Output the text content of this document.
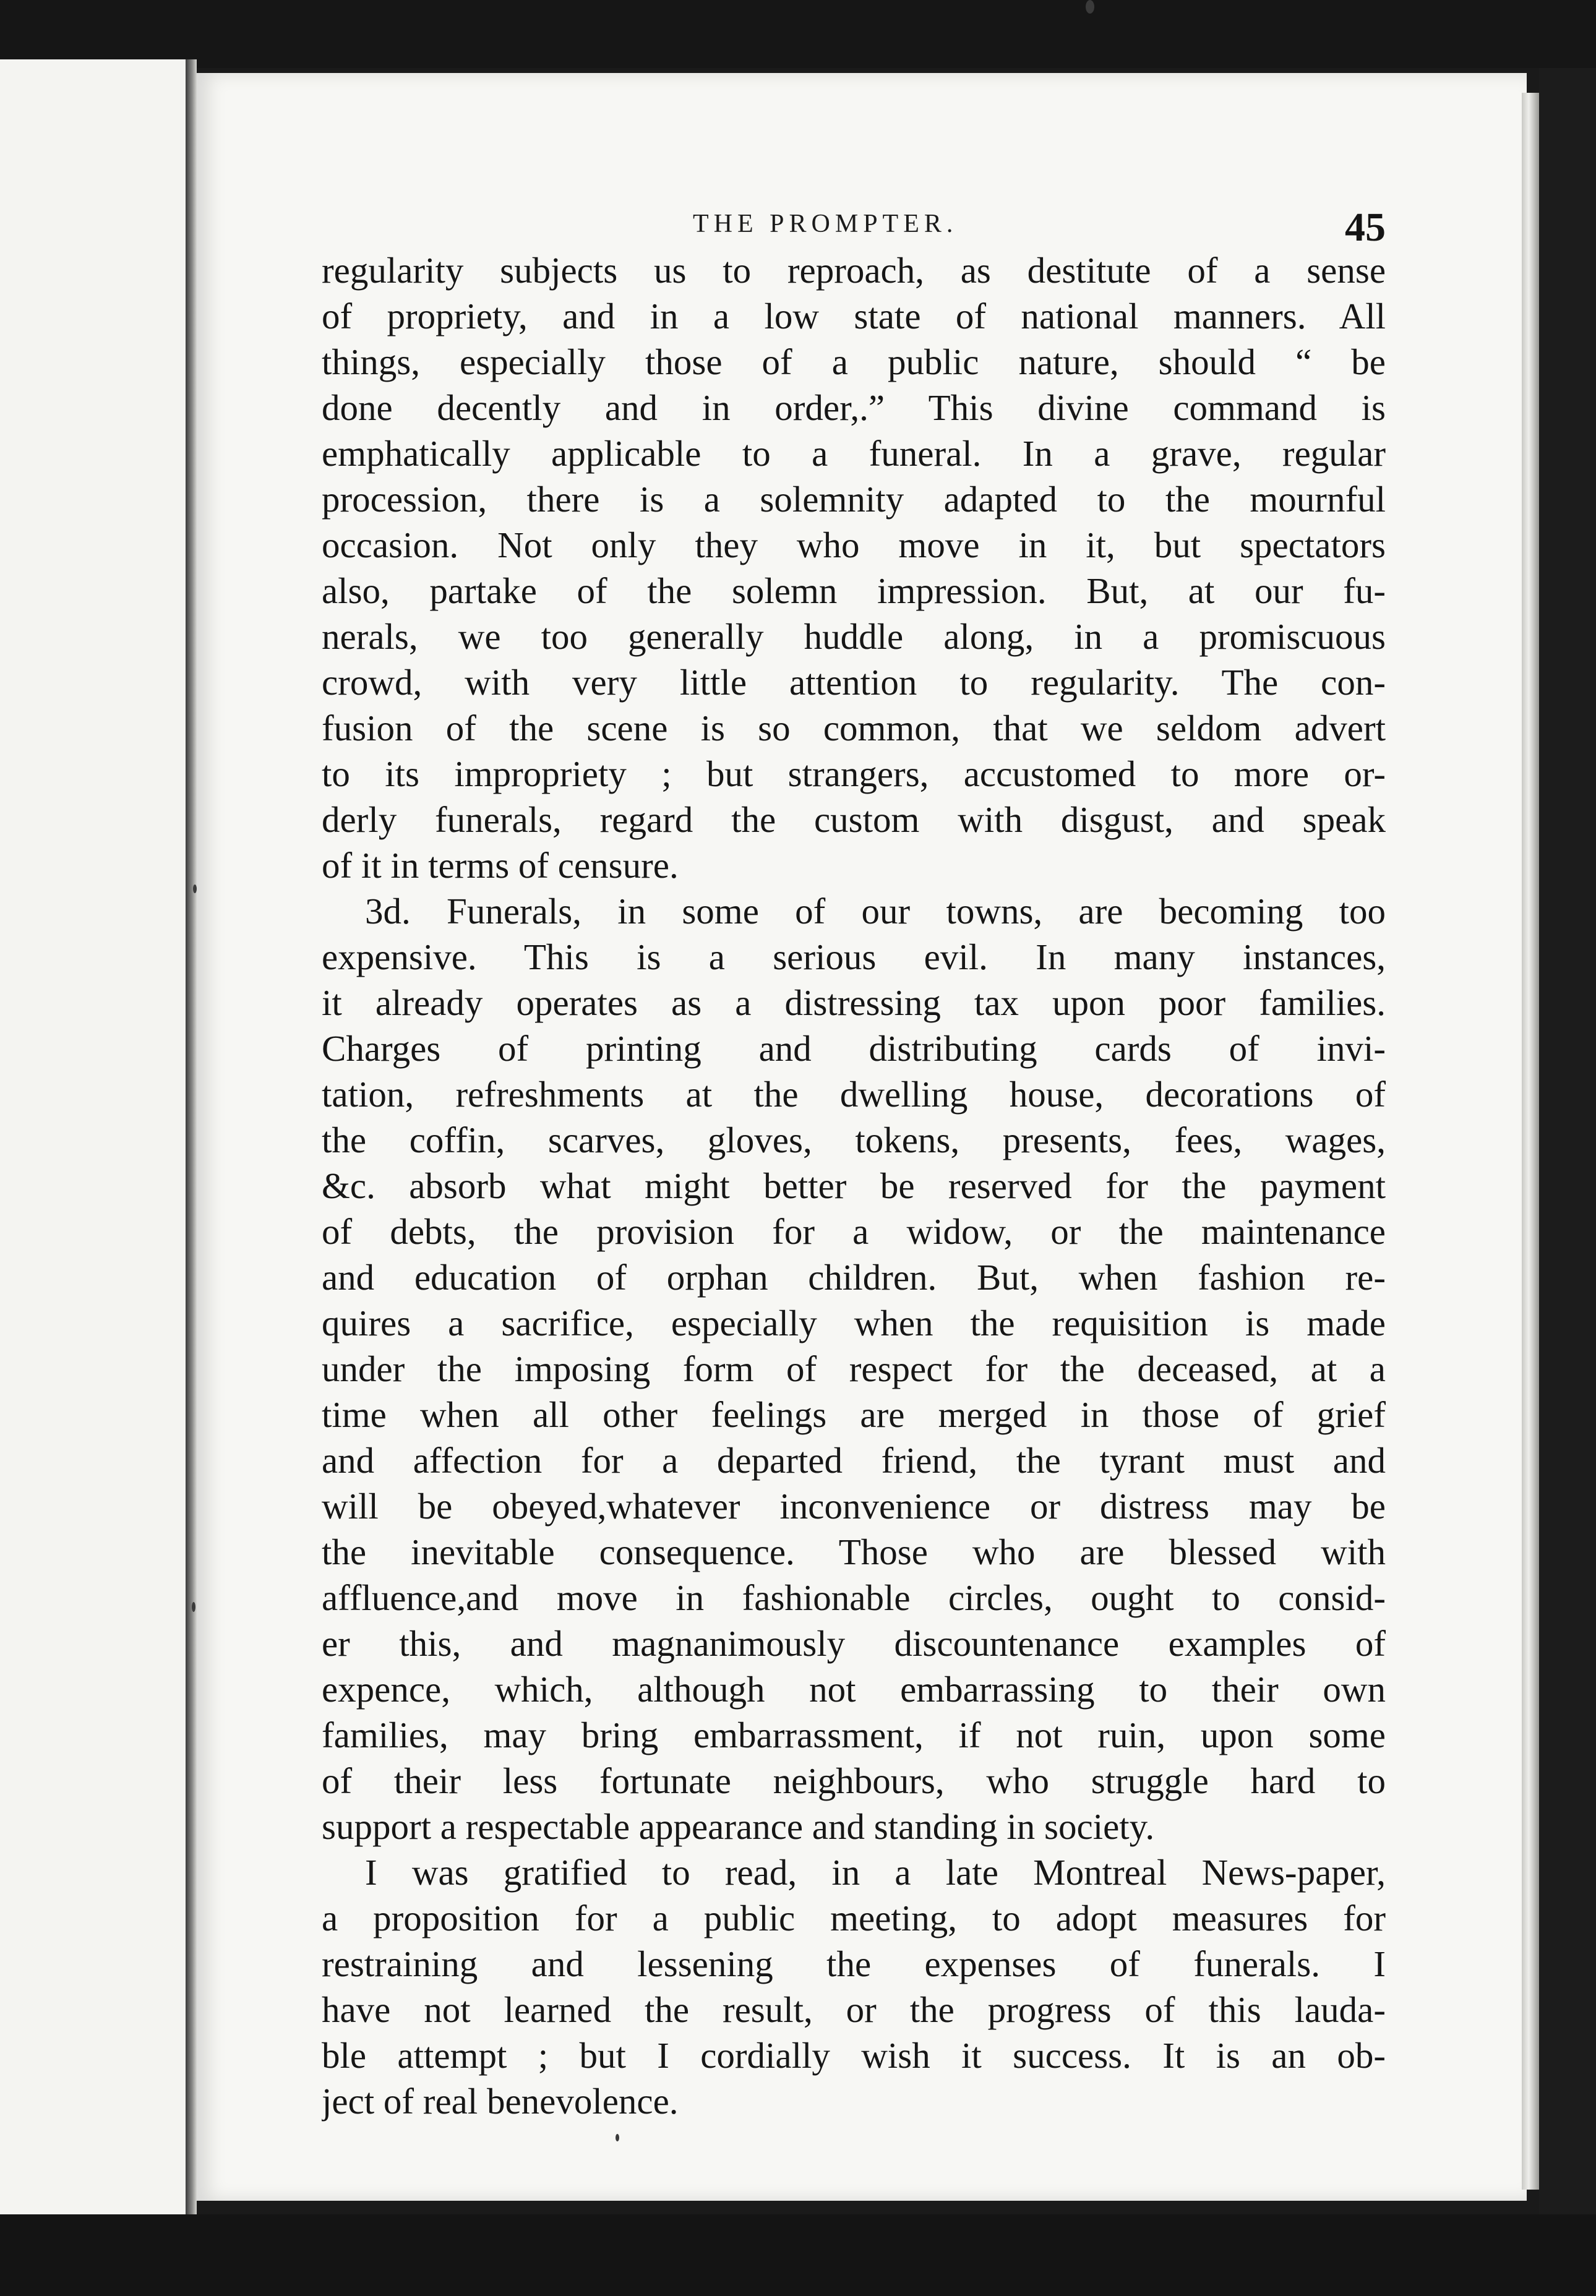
THE PROMPTER.	45
regularity subjects us to reproach, as destitute of a sense
of propriety, and in a low state of national manners. All
things, especially those of a public nature, should “ be
done decently and in order,.” This divine command is
emphatically applicable to a funeral. In a grave, regular
procession, there is a solemnity adapted to the mournful
occasion. Not only they who move in it, but spectators
also, partake of the solemn impression. But, at our fu-
nerals, we too generally huddle along, in a promiscuous
crowd, with very little attention to regularity. The con-
fusion of the scene is so common, that we seldom advert
to its impropriety ; but strangers, accustomed to more or-
derly funerals, regard the custom with disgust, and speak
of it in terms of censure.
3d. Funerals, in some of our towns, are becoming too
expensive. This is a serious evil. In many instances,
it already operates as a distressing tax upon poor families.
Charges of printing and distributing cards of invi-
tation, refreshments at the dwelling house, decorations of
the coffin, scarves, gloves, tokens, presents, fees, wages,
&c. absorb what might better be reserved for the payment
of debts, the provision for a widow, or the maintenance
and education of orphan children. But, when fashion re-
quires a sacrifice, especially when the requisition is made
under the imposing form of respect for the deceased, at a
time when all other feelings are merged in those of grief
and affection for a departed friend, the tyrant must and
will be obeyed,whatever inconvenience or distress may be
the inevitable consequence. Those who are blessed with
affluence,and move in fashionable circles, ought to consid-
er this, and magnanimously discountenance examples of
expence, which, although not embarrassing to their own
families, may bring embarrassment, if not ruin, upon some
of their less fortunate neighbours, who struggle hard to
support a respectable appearance and standing in society.
I was gratified to read, in a late Montreal News-paper,
a proposition for a public meeting, to adopt measures for
restraining and lessening the expenses of funerals. I
have not learned the result, or the progress of this lauda-
ble attempt ; but I cordially wish it success. It is an ob-
ject of real benevolence.
